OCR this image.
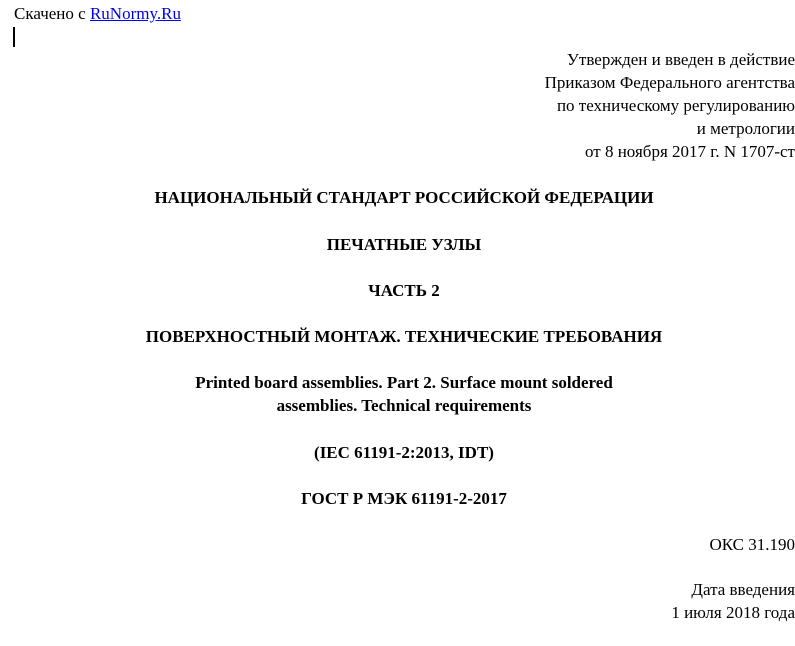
Скачено с RuNormy.Ru
Утвержден и введен в действие
Приказом Федерального агентства
по техническому регулированию
и метрологии
от 8 ноября 2017 г. N 1707-ст
НАЦИОНАЛЬНЫЙ СТАНДАРТ РОССИЙСКОЙ ФЕДЕРАЦИИ
ПЕЧАТНЫЕ УЗЛЫ
ЧАСТЬ 2
ПОВЕРХНОСТНЫЙ МОНТАЖ. ТЕХНИЧЕСКИЕ ТРЕБОВАНИЯ
Printed board assemblies. Part 2. Surface mount soldered
assemblies. Technical requirements
(IEC 61191-2:2013, IDT)
ГОСТ Р МЭК 61191-2-2017
ОКС 31.190
Дата введения
1 июля 2018 года
